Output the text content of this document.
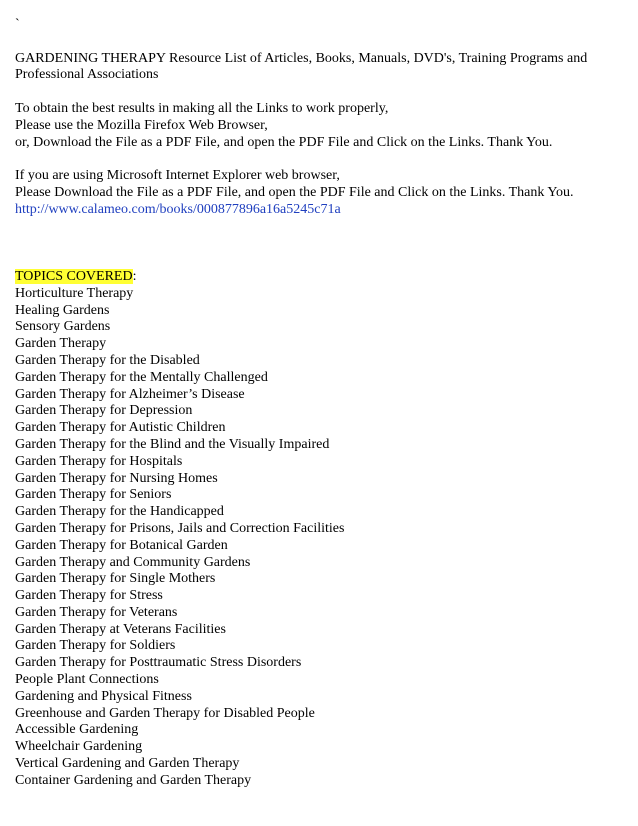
`
GARDENING THERAPY Resource List of Articles, Books, Manuals, DVD's, Training Programs and Professional Associations
To obtain the best results in making all the Links to work properly,
Please use the Mozilla Firefox Web Browser,
or, Download the File as a PDF File, and open the PDF File and Click on the Links. Thank You.
If you are using Microsoft Internet Explorer web browser,
Please Download the File as a PDF File, and open the PDF File and Click on the Links. Thank You.
http://www.calameo.com/books/000877896a16a5245c71a
TOPICS COVERED:
Horticulture Therapy
Healing Gardens
Sensory Gardens
Garden Therapy
Garden Therapy for the Disabled
Garden Therapy for the Mentally Challenged
Garden Therapy for Alzheimer’s Disease
Garden Therapy for Depression
Garden Therapy for Autistic Children
Garden Therapy for the Blind and the Visually Impaired
Garden Therapy for Hospitals
Garden Therapy for Nursing Homes
Garden Therapy for Seniors
Garden Therapy for the Handicapped
Garden Therapy for Prisons, Jails and Correction Facilities
Garden Therapy for Botanical Garden
Garden Therapy and Community Gardens
Garden Therapy for Single Mothers
Garden Therapy for Stress
Garden Therapy for Veterans
Garden Therapy at Veterans Facilities
Garden Therapy for Soldiers
Garden Therapy for Posttraumatic Stress Disorders
People Plant Connections
Gardening and Physical Fitness
Greenhouse and Garden Therapy for Disabled People
Accessible Gardening
Wheelchair Gardening
Vertical Gardening and Garden Therapy
Container Gardening and Garden Therapy
